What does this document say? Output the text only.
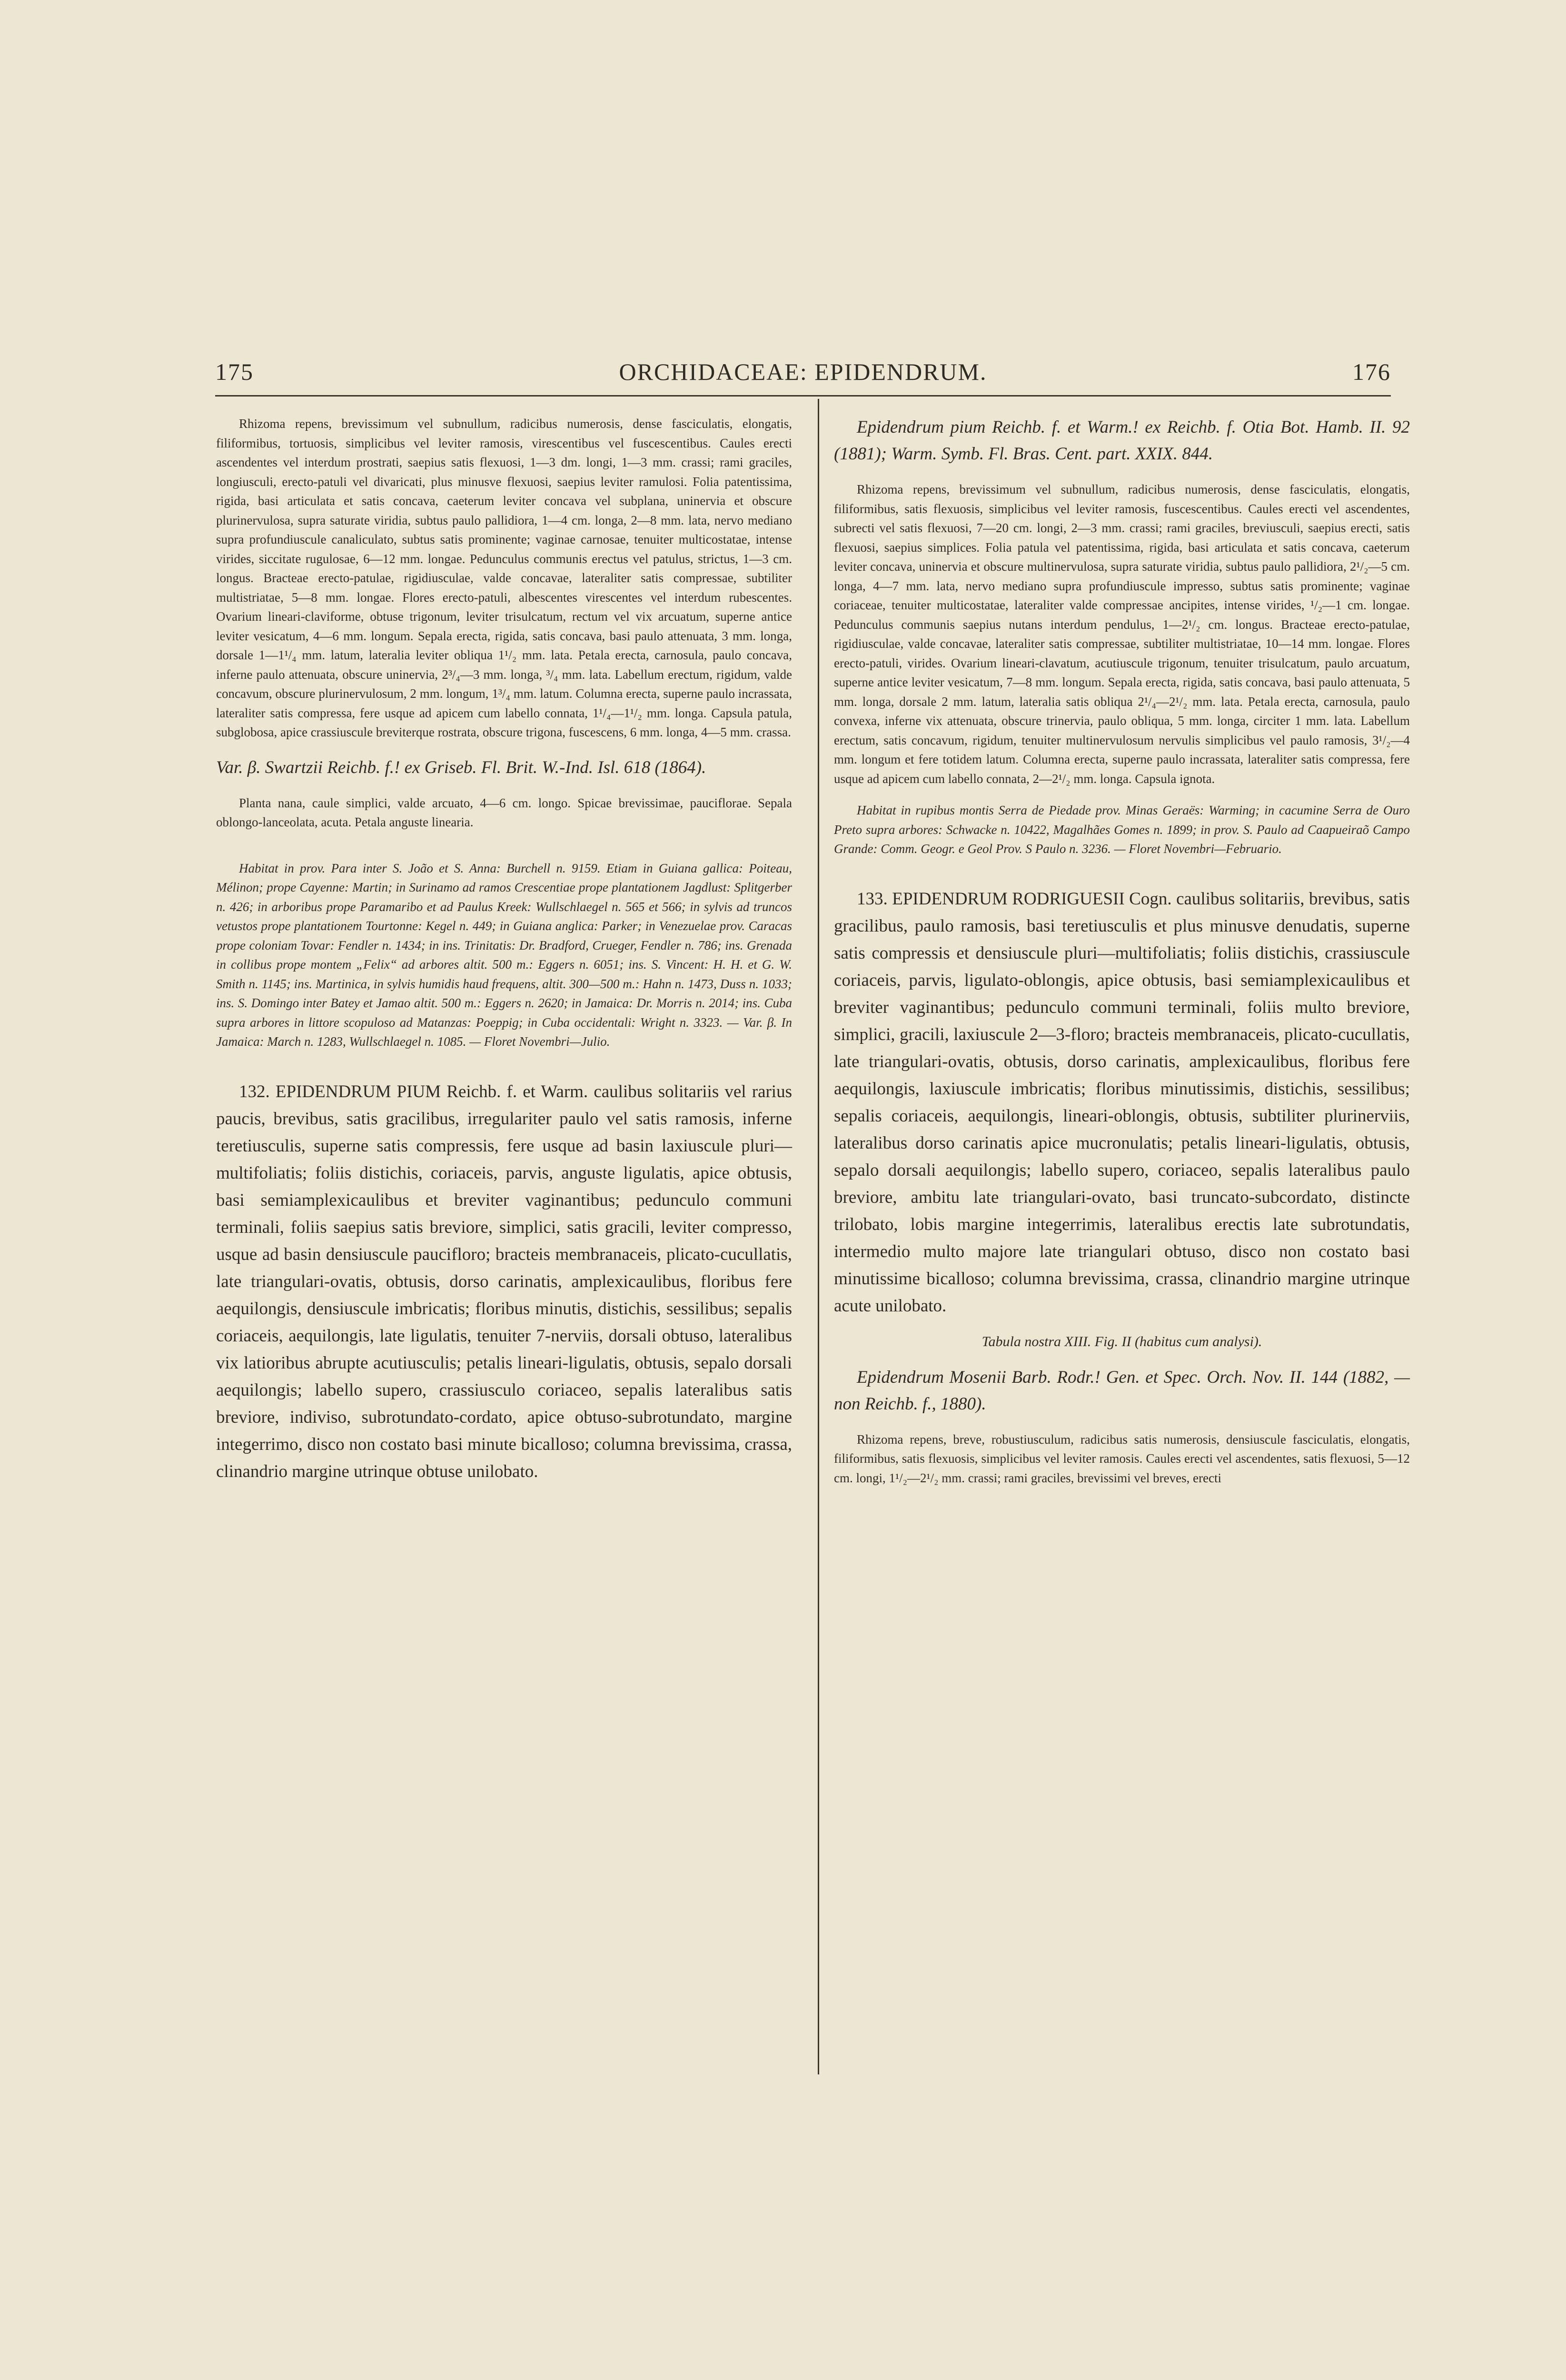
175	ORCHIDACEAE: EPIDENDRUM.	176

Rhizoma repens, brevissimum vel subnullum, radicibus numerosis, dense fasciculatis, elongatis, filiformibus, tortuosis, simplicibus vel leviter ramosis, virescentibus vel fuscescentibus. Caules erecti ascendentes vel interdum prostrati, saepius satis flexuosi, 1—3 dm. longi, 1—3 mm. crassi; rami graciles, longiusculi, erecto-patuli vel divaricati, plus minusve flexuosi, saepius leviter ramulosi. Folia patentissima, rigida, basi articulata et satis concava, caeterum leviter concava vel subplana, uninervia et obscure plurinervulosa, supra saturate viridia, subtus paulo pallidiora, 1—4 cm. longa, 2—8 mm. lata, nervo mediano supra profundiuscule canaliculato, subtus satis prominente; vaginae carnosae, tenuiter multicostatae, intense virides, siccitate rugulosae, 6—12 mm. longae. Pedunculus communis erectus vel patulus, strictus, 1—3 cm. longus. Bracteae erecto-patulae, rigidiusculae, valde concavae, lateraliter satis compressae, subtiliter multistriatae, 5—8 mm. longae. Flores erecto-patuli, albescentes virescentes vel interdum rubescentes. Ovarium lineari-claviforme, obtuse trigonum, leviter trisulcatum, rectum vel vix arcuatum, superne antice leviter vesicatum, 4—6 mm. longum. Sepala erecta, rigida, satis concava, basi paulo attenuata, 3 mm. longa, dorsale 1—1¹/₄ mm. latum, lateralia leviter obliqua 1¹/₂ mm. lata. Petala erecta, carnosula, paulo concava, inferne paulo attenuata, obscure uninervia, 2³/₄—3 mm. longa, ³/₄ mm. lata. Labellum erectum, rigidum, valde concavum, obscure plurinervulosum, 2 mm. longum, 1³/₄ mm. latum. Columna erecta, superne paulo incrassata, lateraliter satis compressa, fere usque ad apicem cum labello connata, 1¹/₄—1¹/₂ mm. longa. Capsula patula, subglobosa, apice crassiuscule breviterque rostrata, obscure trigona, fuscescens, 6 mm. longa, 4—5 mm. crassa.

Var. β. Swartzii Reichb. f.! ex Griseb. Fl. Brit. W.-Ind. Isl. 618 (1864).

Planta nana, caule simplici, valde arcuato, 4—6 cm. longo. Spicae brevissimae, pauciflorae. Sepala oblongo-lanceolata, acuta. Petala anguste linearia.

Habitat in prov. Para inter S. João et S. Anna: Burchell n. 9159. Etiam in Guiana gallica: Poiteau, Mélinon; prope Cayenne: Martin; in Surinamo ad ramos Crescentiae prope plantationem Jagdlust: Splitgerber n. 426; in arboribus prope Paramaribo et ad Paulus Kreek: Wullschlaegel n. 565 et 566; in sylvis ad truncos vetustos prope plantationem Tourtonne: Kegel n. 449; in Guiana anglica: Parker; in Venezuelae prov. Caracas prope coloniam Tovar: Fendler n. 1434; in ins. Trinitatis: Dr. Bradford, Crueger, Fendler n. 786; ins. Grenada in collibus prope montem „Felix“ ad arbores altit. 500 m.: Eggers n. 6051; ins. S. Vincent: H. H. et G. W. Smith n. 1145; ins. Martinica, in sylvis humidis haud frequens, altit. 300—500 m.: Hahn n. 1473, Duss n. 1033; ins. S. Domingo inter Batey et Jamao altit. 500 m.: Eggers n. 2620; in Jamaica: Dr. Morris n. 2014; ins. Cuba supra arbores in littore scopuloso ad Matanzas: Poeppig; in Cuba occidentali: Wright n. 3323. — Var. β. In Jamaica: March n. 1283, Wullschlaegel n. 1085. — Floret Novembri—Julio.

132. EPIDENDRUM PIUM Reichb. f. et Warm. caulibus solitariis vel rarius paucis, brevibus, satis gracilibus, irregulariter paulo vel satis ramosis, inferne teretiusculis, superne satis compressis, fere usque ad basin laxiuscule pluri—multifoliatis; foliis distichis, coriaceis, parvis, anguste ligulatis, apice obtusis, basi semiamplexicaulibus et breviter vaginantibus; pedunculo communi terminali, foliis saepius satis breviore, simplici, satis gracili, leviter compresso, usque ad basin densiuscule paucifloro; bracteis membranaceis, plicato-cucullatis, late triangulari-ovatis, obtusis, dorso carinatis, amplexicaulibus, floribus fere aequilongis, densiuscule imbricatis; floribus minutis, distichis, sessilibus; sepalis coriaceis, aequilongis, late ligulatis, tenuiter 7-nerviis, dorsali obtuso, lateralibus vix latioribus abrupte acutiusculis; petalis lineari-ligulatis, obtusis, sepalo dorsali aequilongis; labello supero, crassiusculo coriaceo, sepalis lateralibus satis breviore, indiviso, subrotundato-cordato, apice obtuso-subrotundato, margine integerrimo, disco non costato basi minute bicalloso; columna brevissima, crassa, clinandrio margine utrinque obtuse unilobato.

Epidendrum pium Reichb. f. et Warm.! ex Reichb. f. Otia Bot. Hamb. II. 92 (1881); Warm. Symb. Fl. Bras. Cent. part. XXIX. 844.

Rhizoma repens, brevissimum vel subnullum, radicibus numerosis, dense fasciculatis, elongatis, filiformibus, satis flexuosis, simplicibus vel leviter ramosis, fuscescentibus. Caules erecti vel ascendentes, subrecti vel satis flexuosi, 7—20 cm. longi, 2—3 mm. crassi; rami graciles, breviusculi, saepius erecti, satis flexuosi, saepius simplices. Folia patula vel patentissima, rigida, basi articulata et satis concava, caeterum leviter concava, uninervia et obscure multinervulosa, supra saturate viridia, subtus paulo pallidiora, 2¹/₂—5 cm. longa, 4—7 mm. lata, nervo mediano supra profundiuscule impresso, subtus satis prominente; vaginae coriaceae, tenuiter multicostatae, lateraliter valde compressae ancipites, intense virides, ¹/₂—1 cm. longae. Pedunculus communis saepius nutans interdum pendulus, 1—2¹/₂ cm. longus. Bracteae erecto-patulae, rigidiusculae, valde concavae, lateraliter satis compressae, subtiliter multistriatae, 10—14 mm. longae. Flores erecto-patuli, virides. Ovarium lineari-clavatum, acutiuscule trigonum, tenuiter trisulcatum, paulo arcuatum, superne antice leviter vesicatum, 7—8 mm. longum. Sepala erecta, rigida, satis concava, basi paulo attenuata, 5 mm. longa, dorsale 2 mm. latum, lateralia satis obliqua 2¹/₄—2¹/₂ mm. lata. Petala erecta, carnosula, paulo convexa, inferne vix attenuata, obscure trinervia, paulo obliqua, 5 mm. longa, circiter 1 mm. lata. Labellum erectum, satis concavum, rigidum, tenuiter multinervulosum nervulis simplicibus vel paulo ramosis, 3¹/₂—4 mm. longum et fere totidem latum. Columna erecta, superne paulo incrassata, lateraliter satis compressa, fere usque ad apicem cum labello connata, 2—2¹/₂ mm. longa. Capsula ignota.

Habitat in rupibus montis Serra de Piedade prov. Minas Geraës: Warming; in cacumine Serra de Ouro Preto supra arbores: Schwacke n. 10422, Magalhães Gomes n. 1899; in prov. S. Paulo ad Caapueiraõ Campo Grande: Comm. Geogr. e Geol Prov. S Paulo n. 3236. — Floret Novembri—Februario.

133. EPIDENDRUM RODRIGUESII Cogn. caulibus solitariis, brevibus, satis gracilibus, paulo ramosis, basi teretiusculis et plus minusve denudatis, superne satis compressis et densiuscule pluri—multifoliatis; foliis distichis, crassiuscule coriaceis, parvis, ligulato-oblongis, apice obtusis, basi semiamplexicaulibus et breviter vaginantibus; pedunculo communi terminali, foliis multo breviore, simplici, gracili, laxiuscule 2—3-floro; bracteis membranaceis, plicato-cucullatis, late triangulari-ovatis, obtusis, dorso carinatis, amplexicaulibus, floribus fere aequilongis, laxiuscule imbricatis; floribus minutissimis, distichis, sessilibus; sepalis coriaceis, aequilongis, lineari-oblongis, obtusis, subtiliter plurinerviis, lateralibus dorso carinatis apice mucronulatis; petalis lineari-ligulatis, obtusis, sepalo dorsali aequilongis; labello supero, coriaceo, sepalis lateralibus paulo breviore, ambitu late triangulari-ovato, basi truncato-subcordato, distincte trilobato, lobis margine integerrimis, lateralibus erectis late subrotundatis, intermedio multo majore late triangulari obtuso, disco non costato basi minutissime bicalloso; columna brevissima, crassa, clinandrio margine utrinque acute unilobato.

Tabula nostra XIII. Fig. II (habitus cum analysi).

Epidendrum Mosenii Barb. Rodr.! Gen. et Spec. Orch. Nov. II. 144 (1882, — non Reichb. f., 1880).

Rhizoma repens, breve, robustiusculum, radicibus satis numerosis, densiuscule fasciculatis, elongatis, filiformibus, satis flexuosis, simplicibus vel leviter ramosis. Caules erecti vel ascendentes, satis flexuosi, 5—12 cm. longi, 1¹/₂—2¹/₂ mm. crassi; rami graciles, brevissimi vel breves, erecti
